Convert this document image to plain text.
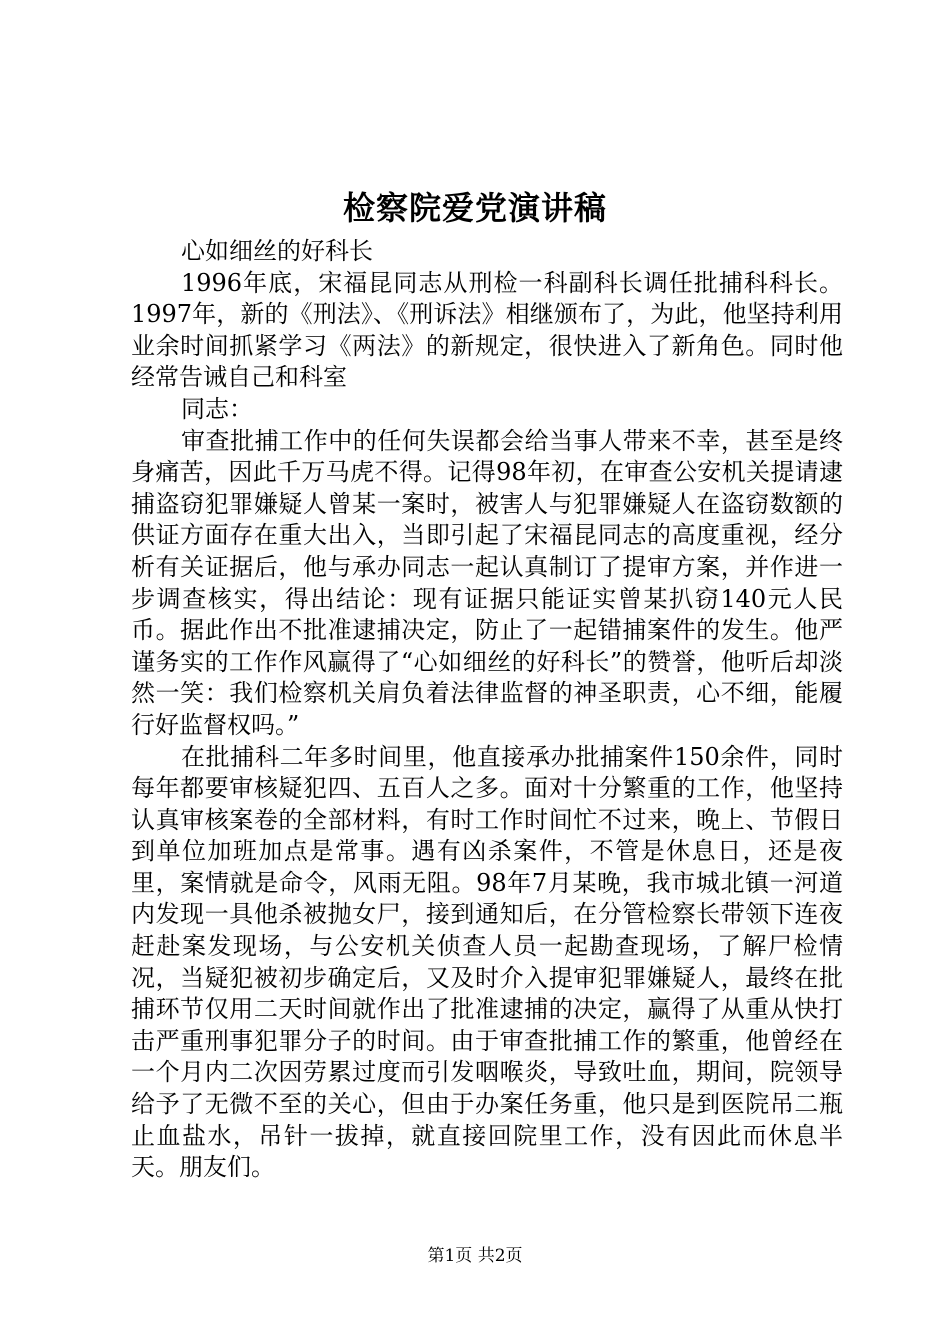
检察院爱党演讲稿

心如细丝的好科长

1996年底，宋福昆同志从刑检一科副科长调任批捕科科长。1997年，新的《刑法》、《刑诉法》相继颁布了，为此，他坚持利用业余时间抓紧学习《两法》的新规定，很快进入了新角色。同时他经常告诫自己和科室

同志：

审查批捕工作中的任何失误都会给当事人带来不幸，甚至是终身痛苦，因此千万马虎不得。记得98年初，在审查公安机关提请逮捕盗窃犯罪嫌疑人曾某一案时，被害人与犯罪嫌疑人在盗窃数额的供证方面存在重大出入，当即引起了宋福昆同志的高度重视，经分析有关证据后，他与承办同志一起认真制订了提审方案，并作进一步调查核实，得出结论：现有证据只能证实曾某扒窃140元人民币。据此作出不批准逮捕决定，防止了一起错捕案件的发生。他严谨务实的工作作风赢得了“心如细丝的好科长”的赞誉，他听后却淡然一笑：我们检察机关肩负着法律监督的神圣职责，心不细，能履行好监督权吗。”

在批捕科二年多时间里，他直接承办批捕案件150余件，同时每年都要审核疑犯四、五百人之多。面对十分繁重的工作，他坚持认真审核案卷的全部材料，有时工作时间忙不过来，晚上、节假日到单位加班加点是常事。遇有凶杀案件，不管是休息日，还是夜里，案情就是命令，风雨无阻。98年7月某晚，我市城北镇一河道内发现一具他杀被抛女尸，接到通知后，在分管检察长带领下连夜赶赴案发现场，与公安机关侦查人员一起勘查现场，了解尸检情况，当疑犯被初步确定后，又及时介入提审犯罪嫌疑人，最终在批捕环节仅用二天时间就作出了批准逮捕的决定，赢得了从重从快打击严重刑事犯罪分子的时间。由于审查批捕工作的繁重，他曾经在一个月内二次因劳累过度而引发咽喉炎，导致吐血，期间，院领导给予了无微不至的关心，但由于办案任务重，他只是到医院吊二瓶止血盐水，吊针一拔掉，就直接回院里工作，没有因此而休息半天。朋友们。

第1页 共2页
